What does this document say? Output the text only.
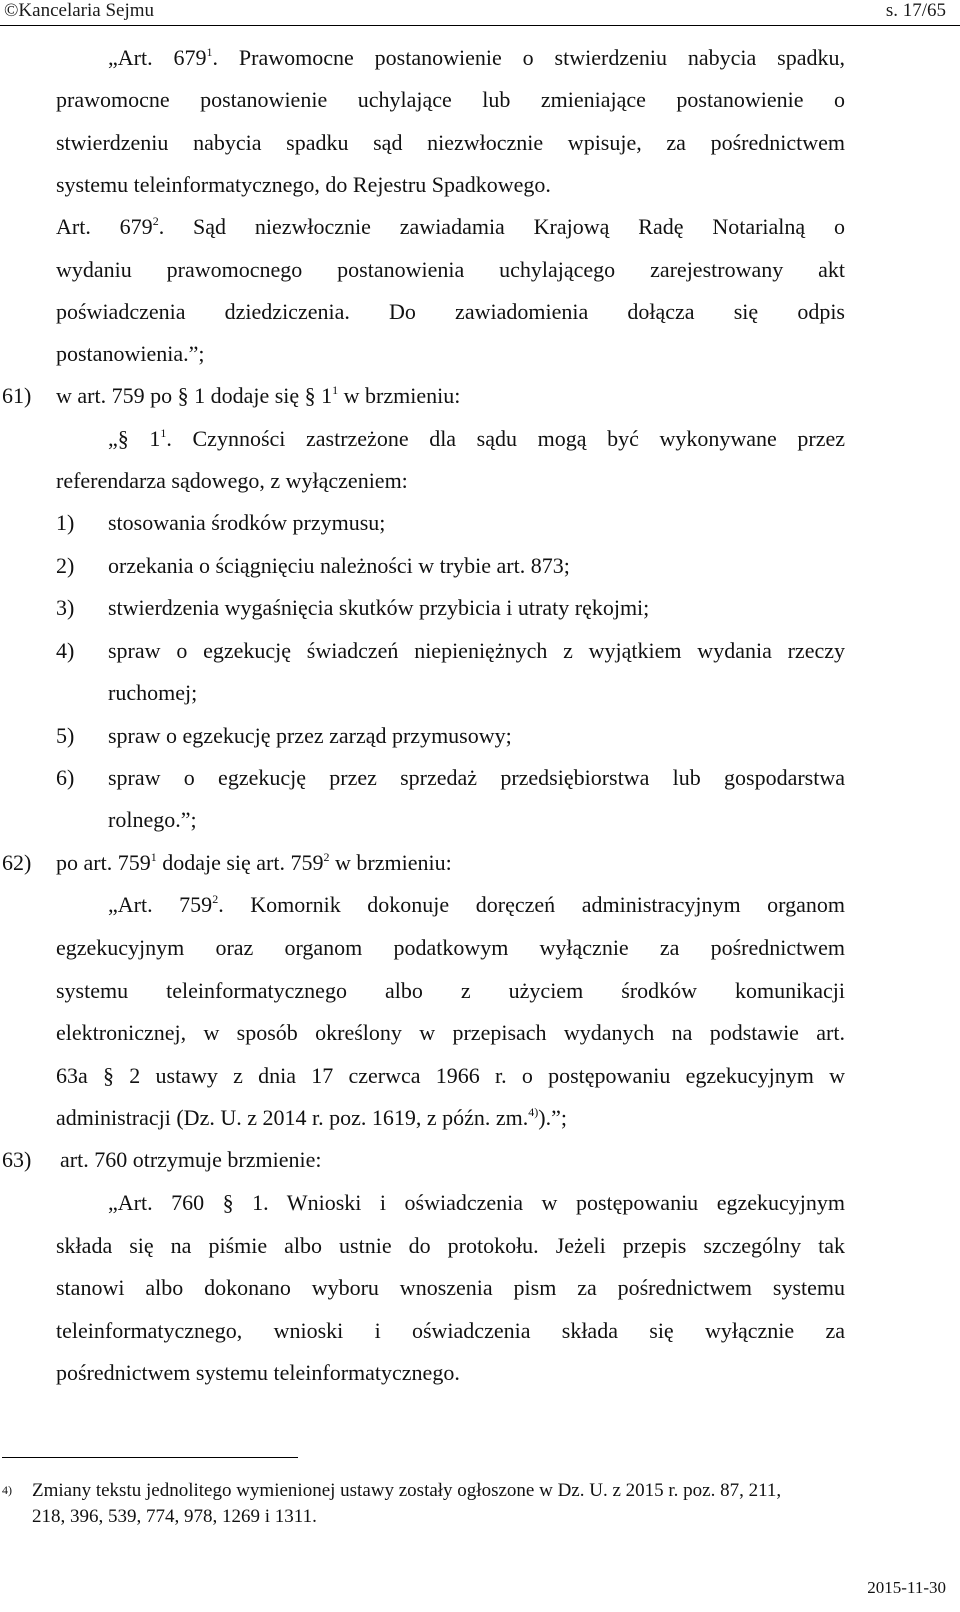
©Kancelaria Sejmu	s. 17/65
„Art. $679^1$. Prawomocne postanowienie o stwierdzeniu nabycia spadku,
prawomocne postanowienie uchylające lub zmieniające postanowienie o
stwierdzeniu nabycia spadku sąd niezwłocznie wpisuje, za pośrednictwem
systemu teleinformatycznego, do Rejestru Spadkowego.
Art. $679^2$. Sąd niezwłocznie zawiadamia Krajową Radę Notarialną o
wydaniu prawomocnego postanowienia uchylającego zarejestrowany akt
poświadczenia dziedziczenia. Do zawiadomienia dołącza się odpis
postanowienia.”;
61) w art. 759 po § 1 dodaje się § $1^1$ w brzmieniu:
„§ $1^1$. Czynności zastrzeżone dla sądu mogą być wykonywane przez
referendarza sądowego, z wyłączeniem:
1) stosowania środków przymusu;
2) orzekania o ściągnięciu należności w trybie art. 873;
3) stwierdzenia wygaśnięcia skutków przybicia i utraty rękojmi;
4) spraw o egzekucję świadczeń niepieniężnych z wyjątkiem wydania rzeczy
ruchomej;
5) spraw o egzekucję przez zarząd przymusowy;
6) spraw o egzekucję przez sprzedaż przedsiębiorstwa lub gospodarstwa
rolnego.”;
62) po art. $759^1$ dodaje się art. $759^2$ w brzmieniu:
„Art. $759^2$. Komornik dokonuje doręczeń administracyjnym organom
egzekucyjnym oraz organom podatkowym wyłącznie za pośrednictwem
systemu teleinformatycznego albo z użyciem środków komunikacji
elektronicznej, w sposób określony w przepisach wydanych na podstawie art.
63a § 2 ustawy z dnia 17 czerwca 1966 r. o postępowaniu egzekucyjnym w
administracji (Dz. U. z 2014 r. poz. 1619, z późn. zm.$^{4)}$).”;
63) art. 760 otrzymuje brzmienie:
„Art. 760 § 1. Wnioski i oświadczenia w postępowaniu egzekucyjnym
składa się na piśmie albo ustnie do protokołu. Jeżeli przepis szczególny tak
stanowi albo dokonano wyboru wnoszenia pism za pośrednictwem systemu
teleinformatycznego, wnioski i oświadczenia składa się wyłącznie za
pośrednictwem systemu teleinformatycznego.
4) Zmiany tekstu jednolitego wymienionej ustawy zostały ogłoszone w Dz. U. z 2015 r. poz. 87, 211,
218, 396, 539, 774, 978, 1269 i 1311.
2015-11-30
